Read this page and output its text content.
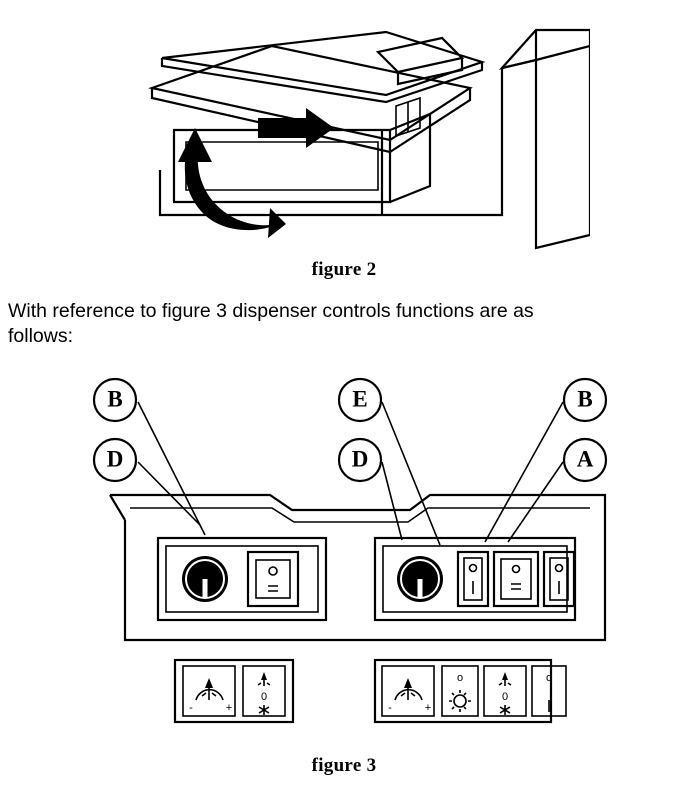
figure 2
With reference to figure 3 dispenser controls functions are as
follows:
B
D
E
D
B
A
-	+
0
-	+
o
0
o
figure 3
